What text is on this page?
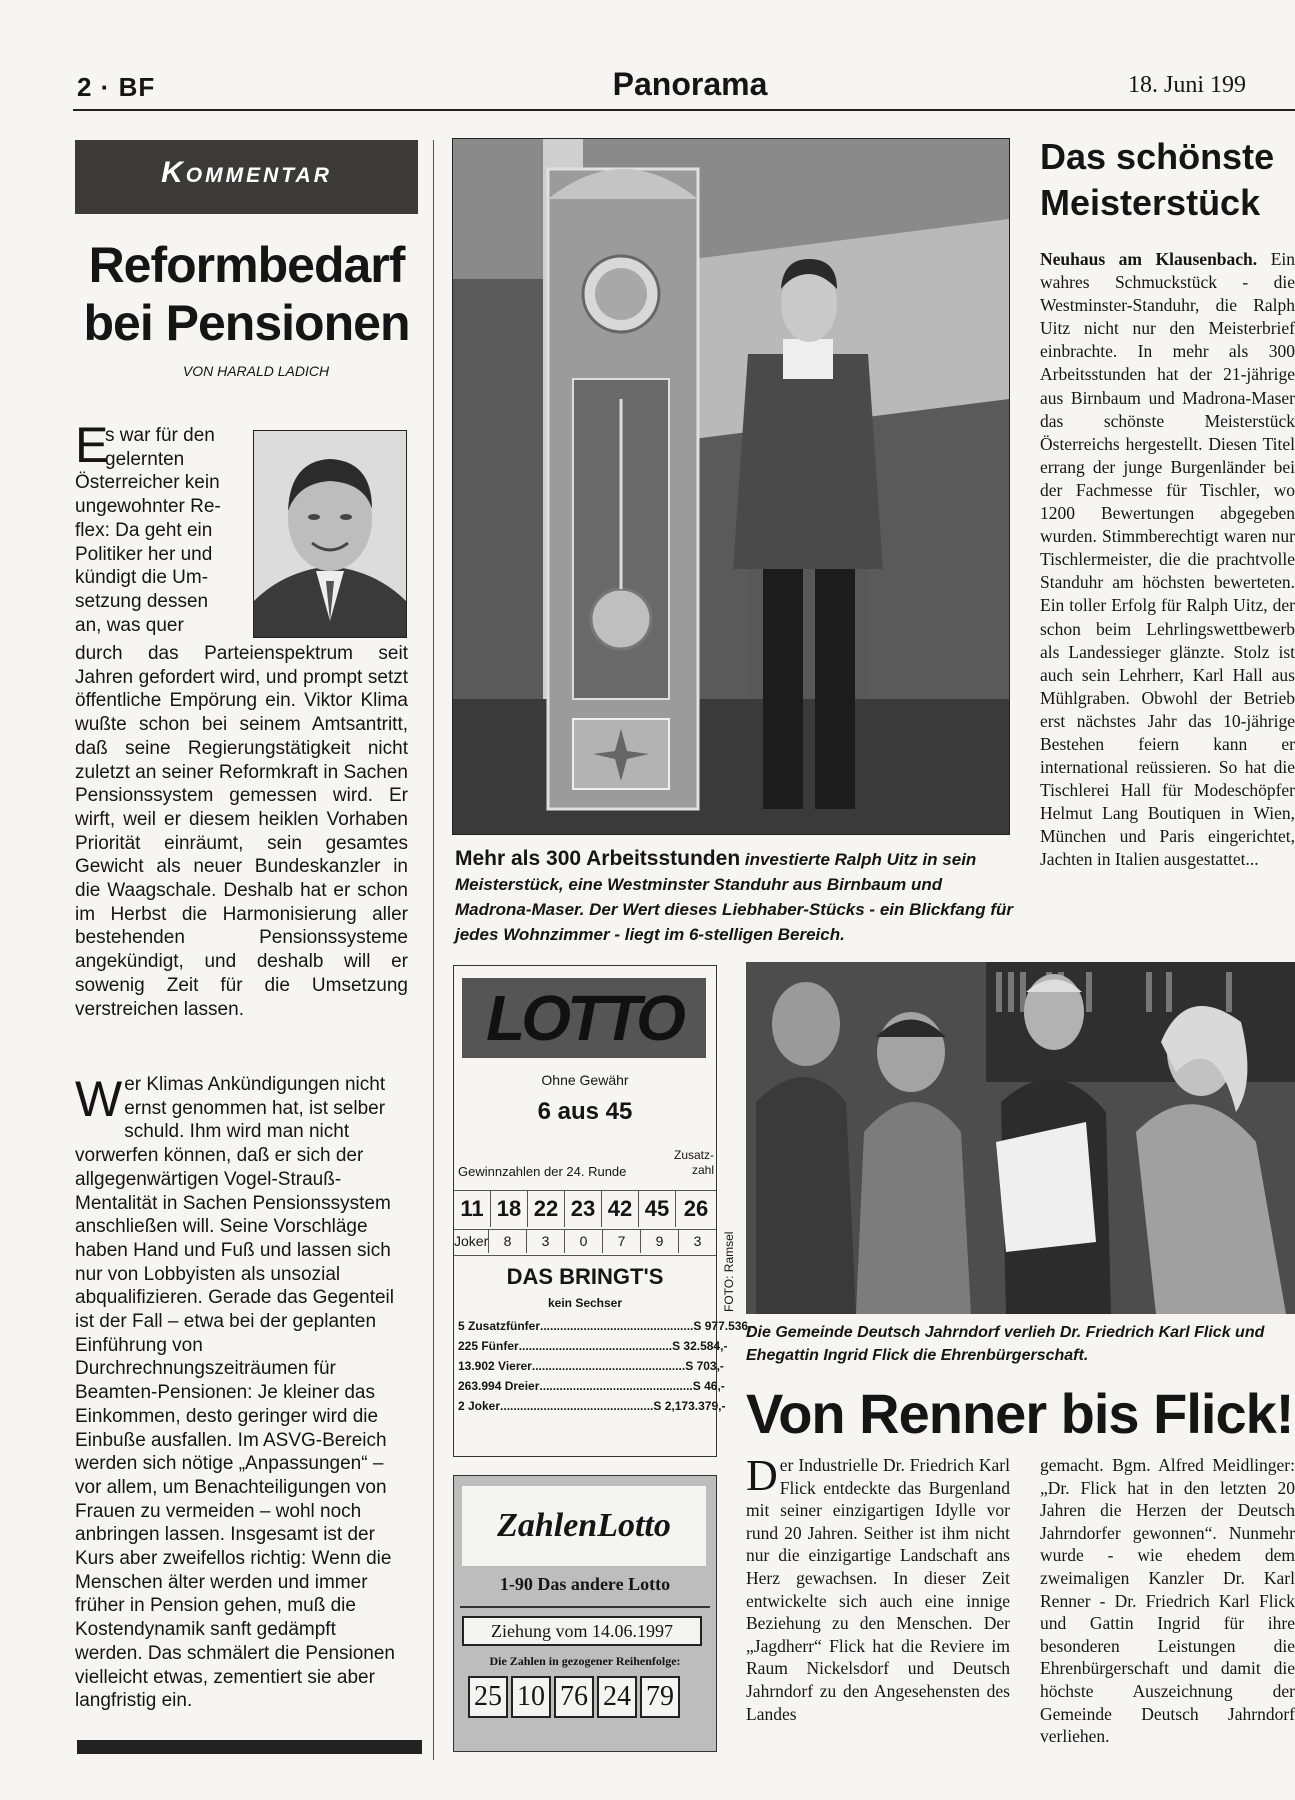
2 · BF	Panorama	18. Juni 199
Kommentar
Reformbedarf
bei Pensionen
VON HARALD LADICH
E
s war für den
gelernten
Österreicher kein
ungewohnter Re-
flex: Da geht ein
Politiker her und
kündigt die Um-
setzung dessen
an, was quer
durch das Parteienspektrum seit Jahren gefordert wird, und prompt setzt öffentliche Empörung ein. Viktor Klima wußte schon bei seinem Amtsantritt, daß seine Regierungstätigkeit nicht zuletzt an seiner Reformkraft in Sachen Pensionssystem gemessen wird. Er wirft, weil er diesem heiklen Vorhaben Priorität einräumt, sein gesamtes Gewicht als neuer Bundeskanzler in die Waagschale. Deshalb hat er schon im Herbst die Harmonisierung aller bestehenden Pensionssysteme angekündigt, und deshalb will er sowenig Zeit für die Umsetzung verstreichen lassen.
Wer Klimas Ankündigungen nicht ernst genommen hat, ist selber schuld. Ihm wird man nicht vorwerfen können, daß er sich der allgegenwärtigen Vogel-Strauß-Mentalität in Sachen Pensionssystem anschließen will. Seine Vorschläge haben Hand und Fuß und lassen sich nur von Lobbyisten als unsozial abqualifizieren. Gerade das Gegenteil ist der Fall – etwa bei der geplanten Einführung von Durchrechnungszeiträumen für Beamten-Pensionen: Je kleiner das Einkommen, desto geringer wird die Einbuße ausfallen. Im ASVG-Bereich werden sich nötige „Anpassungen“ – vor allem, um Benachteiligungen von Frauen zu vermeiden – wohl noch anbringen lassen. Insgesamt ist der Kurs aber zweifellos richtig: Wenn die Menschen älter werden und immer früher in Pension gehen, muß die Kostendynamik sanft gedämpft werden. Das schmälert die Pensionen vielleicht etwas, zementiert sie aber langfristig ein.
Mehr als 300 Arbeitsstunden investierte Ralph Uitz in sein Meisterstück, eine Westminster Standuhr aus Birnbaum und Madrona-Maser. Der Wert dieses Liebhaber-Stücks - ein Blickfang für jedes Wohnzimmer - liegt im 6-stelligen Bereich.
Das schönste
Meisterstück
Neuhaus am Klausenbach. Ein wahres Schmuckstück - die Westminster-Standuhr, die Ralph Uitz nicht nur den Meisterbrief einbrachte. In mehr als 300 Arbeitsstunden hat der 21-jährige aus Birnbaum und Madrona-Maser das schönste Meisterstück Österreichs hergestellt. Diesen Titel errang der junge Burgenländer bei der Fachmesse für Tischler, wo 1200 Bewertungen abgegeben wurden. Stimmberechtigt waren nur Tischlermeister, die die prachtvolle Standuhr am höchsten bewerteten. Ein toller Erfolg für Ralph Uitz, der schon beim Lehrlingswettbewerb als Landessieger glänzte. Stolz ist auch sein Lehrherr, Karl Hall aus Mühlgraben. Obwohl der Betrieb erst nächstes Jahr das 10-jährige Bestehen feiern kann er international reüssieren. So hat die Tischlerei Hall für Modeschöpfer Helmut Lang Boutiquen in Wien, München und Paris eingerichtet, Jachten in Italien ausgestattet...
LOTTO
Ohne Gewähr
6 aus 45
Zusatz-
zahl
Gewinnzahlen der 24. Runde
11 18 22 23 42 45 26
Joker 8 3 0 7 9 3
DAS BRINGT'S
kein Sechser
5 Zusatzfünfer .............................................. S 977.536,-
225 Fünfer .............................................. S 32.584,-
13.902 Vierer .............................................. S 703,-
263.994 Dreier .............................................. S 46,-
2 Joker .............................................. S 2,173.379,-
ZahlenLotto
1-90 Das andere Lotto
Ziehung vom 14.06.1997
Die Zahlen in gezogener Reihenfolge:
25 10 76 24 79
FOTO: Ramsel
Die Gemeinde Deutsch Jahrndorf verlieh Dr. Friedrich Karl Flick und Ehegattin Ingrid Flick die Ehrenbürgerschaft.
Von Renner bis Flick!
Der Industrielle Dr. Friedrich Karl Flick entdeckte das Burgenland mit seiner einzigartigen Idylle vor rund 20 Jahren. Seither ist ihm nicht nur die einzigartige Landschaft ans Herz gewachsen. In dieser Zeit entwickelte sich auch eine innige Beziehung zu den Menschen. Der „Jagdherr“ Flick hat die Reviere im Raum Nickelsdorf und Deutsch Jahrndorf zu den Angesehensten des Landes
gemacht. Bgm. Alfred Meidlinger: „Dr. Flick hat in den letzten 20 Jahren die Herzen der Deutsch Jahrndorfer gewonnen“. Nunmehr wurde - wie ehedem dem zweimaligen Kanzler Dr. Karl Renner - Dr. Friedrich Karl Flick und Gattin Ingrid für ihre besonderen Leistungen die Ehrenbürgerschaft und damit die höchste Auszeichnung der Gemeinde Deutsch Jahrndorf verliehen.
